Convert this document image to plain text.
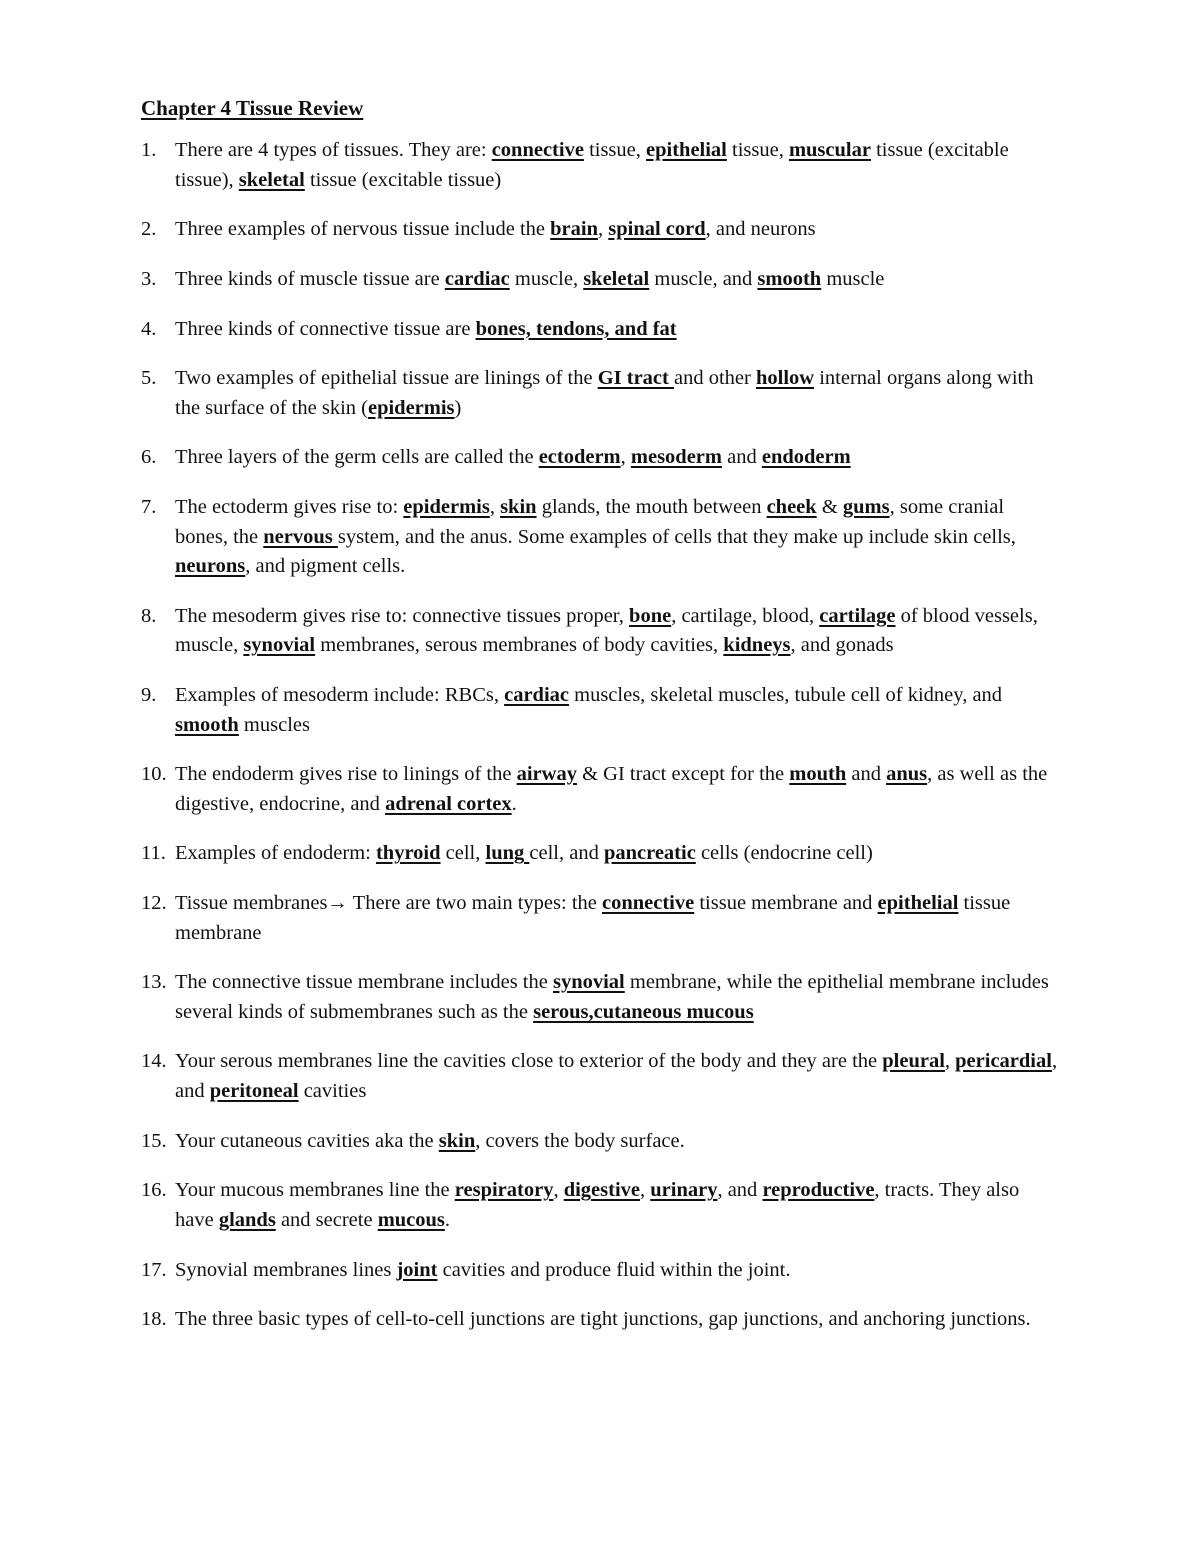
Chapter 4 Tissue Review
1. There are 4 types of tissues. They are: connective tissue, epithelial tissue, muscular tissue (excitable tissue), skeletal tissue (excitable tissue)
2. Three examples of nervous tissue include the brain, spinal cord, and neurons
3. Three kinds of muscle tissue are cardiac muscle, skeletal muscle, and smooth muscle
4. Three kinds of connective tissue are bones, tendons, and fat
5. Two examples of epithelial tissue are linings of the GI tract and other hollow internal organs along with the surface of the skin (epidermis)
6. Three layers of the germ cells are called the ectoderm, mesoderm and endoderm
7. The ectoderm gives rise to: epidermis, skin glands, the mouth between cheek & gums, some cranial bones, the nervous system, and the anus. Some examples of cells that they make up include skin cells, neurons, and pigment cells.
8. The mesoderm gives rise to: connective tissues proper, bone, cartilage, blood, cartilage of blood vessels, muscle, synovial membranes, serous membranes of body cavities, kidneys, and gonads
9. Examples of mesoderm include: RBCs, cardiac muscles, skeletal muscles, tubule cell of kidney, and smooth muscles
10. The endoderm gives rise to linings of the airway & GI tract except for the mouth and anus, as well as the digestive, endocrine, and adrenal cortex.
11. Examples of endoderm: thyroid cell, lung cell, and pancreatic cells (endocrine cell)
12. Tissue membranes→ There are two main types: the connective tissue membrane and epithelial tissue membrane
13. The connective tissue membrane includes the synovial membrane, while the epithelial membrane includes several kinds of submembranes such as the serous,cutaneous mucous
14. Your serous membranes line the cavities close to exterior of the body and they are the pleural, pericardial, and peritoneal cavities
15. Your cutaneous cavities aka the skin, covers the body surface.
16. Your mucous membranes line the respiratory, digestive, urinary, and reproductive, tracts. They also have glands and secrete mucous.
17. Synovial membranes lines joint cavities and produce fluid within the joint.
18. The three basic types of cell-to-cell junctions are tight junctions, gap junctions, and anchoring junctions.
